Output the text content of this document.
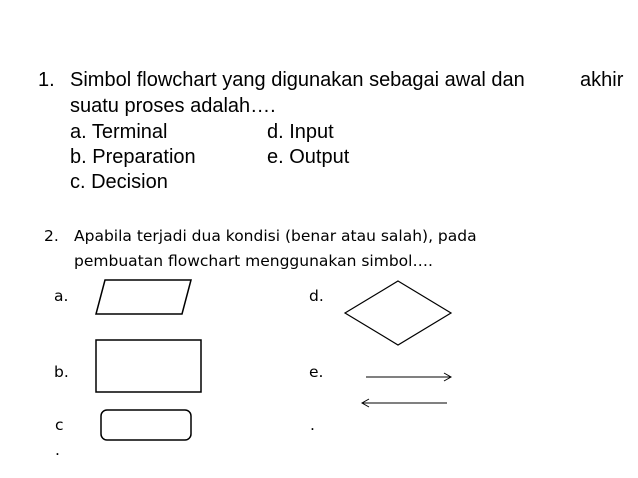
1. Simbol flowchart yang digunakan sebagai awal dan	akhir
suatu proses adalah….
a. Terminal
b. Preparation
c. Decision
d. Input
e. Output
2. Apabila terjadi dua kondisi (benar atau salah), pada
pembuatan flowchart menggunakan simbol….
a.
b.
c
.
d.
e.
.
